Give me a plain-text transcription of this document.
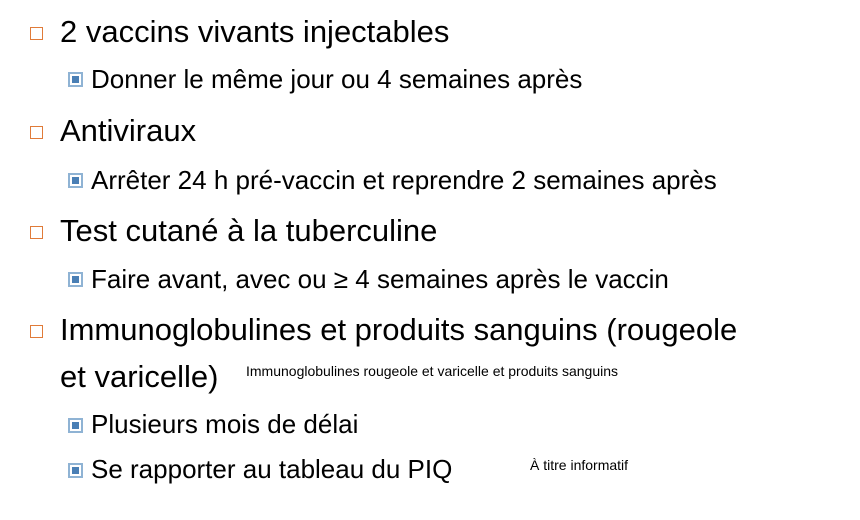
2 vaccins vivants injectables
Donner le même jour ou 4 semaines après
Antiviraux
Arrêter 24 h pré-vaccin et reprendre 2 semaines après
Test cutané à la tuberculine
Faire avant, avec ou ≥ 4 semaines après le vaccin
Immunoglobulines et produits sanguins (rougeole
et varicelle) Immunoglobulines rougeole et varicelle et produits sanguins
Plusieurs mois de délai
Se rapporter au tableau du PIQ	À titre informatif
